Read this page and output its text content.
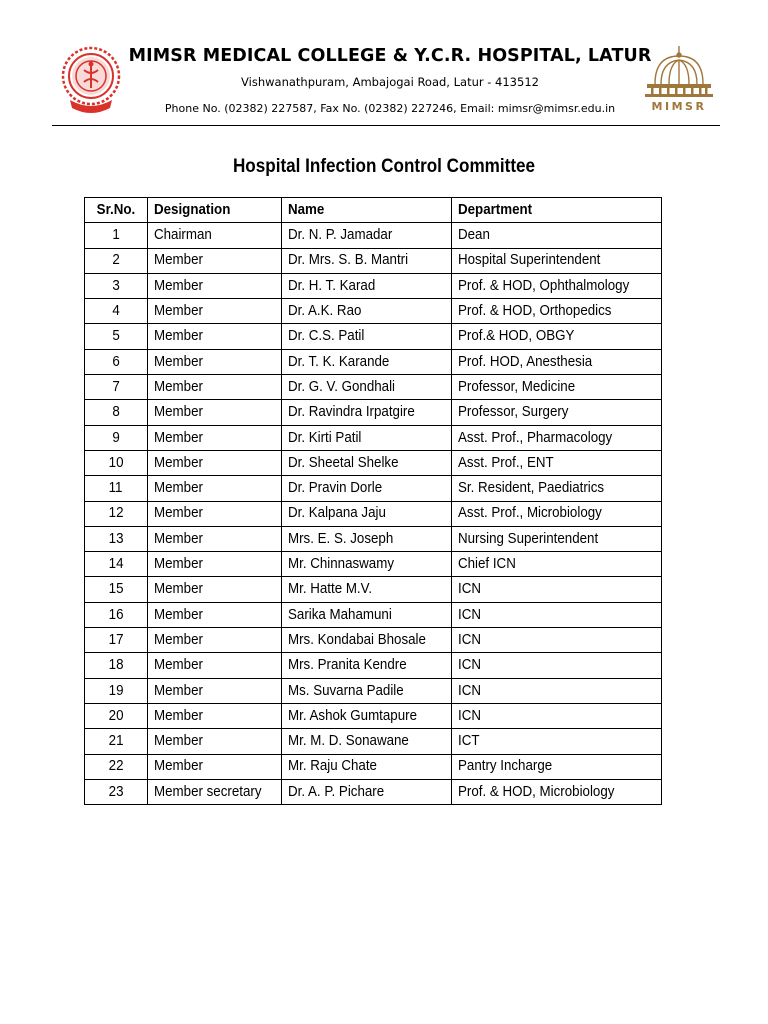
MIMSR
MIMSR MEDICAL COLLEGE & Y.C.R. HOSPITAL, LATUR
Vishwanathpuram, Ambajogai Road, Latur - 413512
Phone No. (02382) 227587, Fax No. (02382) 227246, Email: mimsr@mimsr.edu.in
Hospital Infection Control Committee
Sr.No.	Designation	Name	Department
1	Chairman	Dr. N. P. Jamadar	Dean
2	Member	Dr. Mrs. S. B. Mantri	Hospital Superintendent
3	Member	Dr. H. T. Karad	Prof. & HOD, Ophthalmology
4	Member	Dr. A.K. Rao	Prof. & HOD, Orthopedics
5	Member	Dr. C.S. Patil	Prof.& HOD, OBGY
6	Member	Dr. T. K. Karande	Prof. HOD, Anesthesia
7	Member	Dr. G. V. Gondhali	Professor, Medicine
8	Member	Dr. Ravindra Irpatgire	Professor, Surgery
9	Member	Dr. Kirti Patil	Asst. Prof., Pharmacology
10	Member	Dr. Sheetal Shelke	Asst. Prof., ENT
11	Member	Dr. Pravin Dorle	Sr. Resident, Paediatrics
12	Member	Dr. Kalpana Jaju	Asst. Prof., Microbiology
13	Member	Mrs. E. S. Joseph	Nursing Superintendent
14	Member	Mr. Chinnaswamy	Chief ICN
15	Member	Mr. Hatte M.V.	ICN
16	Member	Sarika Mahamuni	ICN
17	Member	Mrs. Kondabai Bhosale	ICN
18	Member	Mrs. Pranita Kendre	ICN
19	Member	Ms. Suvarna Padile	ICN
20	Member	Mr. Ashok Gumtapure	ICN
21	Member	Mr. M. D. Sonawane	ICT
22	Member	Mr. Raju Chate	Pantry Incharge
23	Member secretary	Dr. A. P. Pichare	Prof. & HOD, Microbiology
